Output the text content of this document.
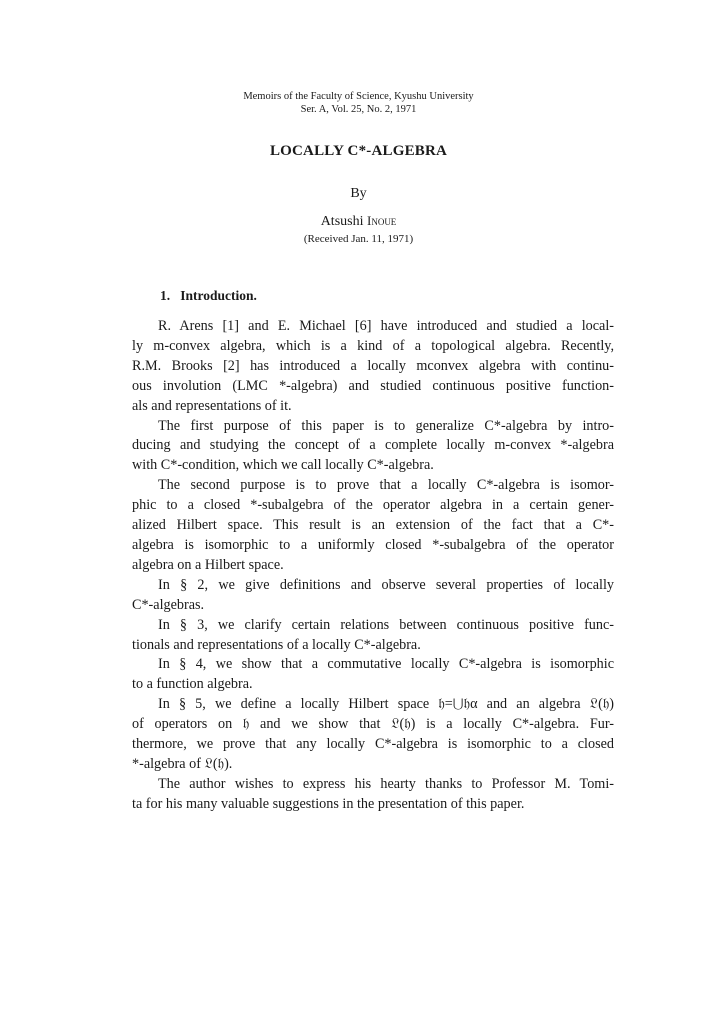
Memoirs of the Faculty of Science, Kyushu University
Ser. A, Vol. 25, No. 2, 1971
LOCALLY C*-ALGEBRA
By
Atsushi Inoue
(Received Jan. 11, 1971)
1. Introduction.
R. Arens [1] and E. Michael [6] have introduced and studied a local-
ly m-convex algebra, which is a kind of a topological algebra. Recently,
R.M. Brooks [2] has introduced a locally mconvex algebra with continu-
ous involution (LMC *-algebra) and studied continuous positive function-
als and representations of it.
The first purpose of this paper is to generalize C*-algebra by intro-
ducing and studying the concept of a complete locally m-convex *-algebra
with C*-condition, which we call locally C*-algebra.
The second purpose is to prove that a locally C*-algebra is isomor-
phic to a closed *-subalgebra of the operator algebra in a certain gener-
alized Hilbert space. This result is an extension of the fact that a C*-
algebra is isomorphic to a uniformly closed *-subalgebra of the operator
algebra on a Hilbert space.
In § 2, we give definitions and observe several properties of locally
C*-algebras.
In § 3, we clarify certain relations between continuous positive func-
tionals and representations of a locally C*-algebra.
In § 4, we show that a commutative locally C*-algebra is isomorphic
to a function algebra.
In § 5, we define a locally Hilbert space 𝔥=⋃𝔥α and an algebra 𝔏(𝔥)
of operators on 𝔥 and we show that 𝔏(𝔥) is a locally C*-algebra. Fur-
thermore, we prove that any locally C*-algebra is isomorphic to a closed
*-algebra of 𝔏(𝔥).
The author wishes to express his hearty thanks to Professor M. Tomi-
ta for his many valuable suggestions in the presentation of this paper.
